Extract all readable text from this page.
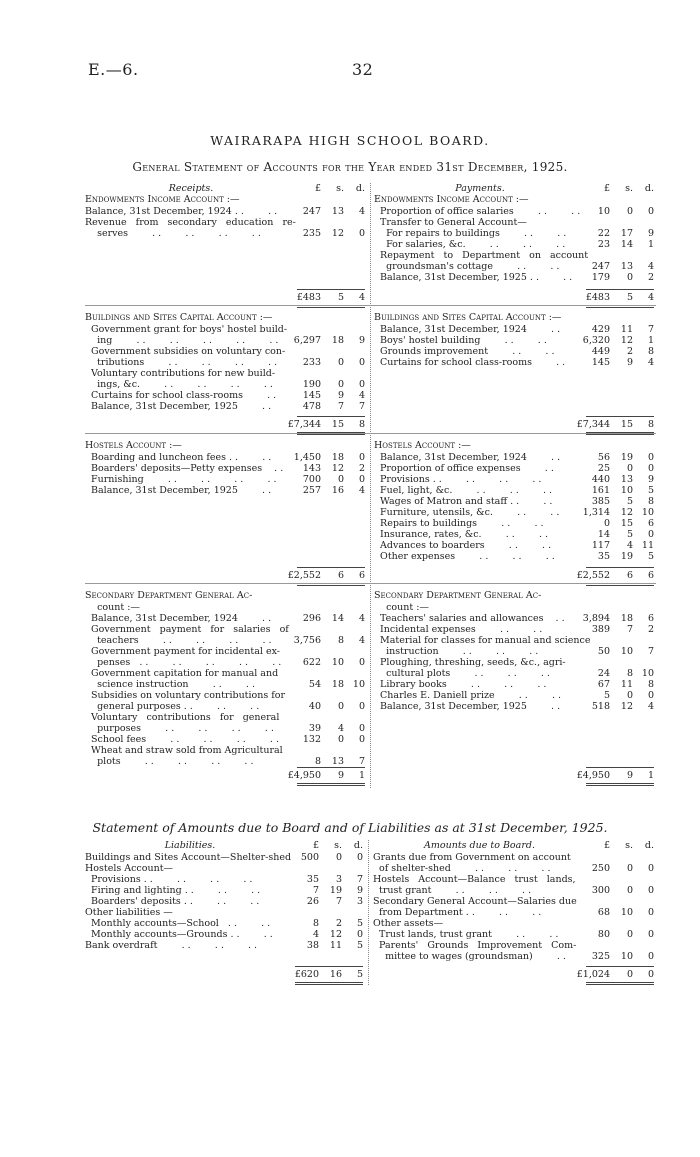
E.—6.	32
WAIRARAPA HIGH SCHOOL BOARD.
General Statement of Accounts for the Year ended 31st December, 1925.
Receipts.	£	s.	d.
Endowments Income Account :—
Balance, 31st December, 1924 . .        . .	247	13	4
Revenue   from   secondary   education   re-
serves        . .        . .        . .        . .	235	12	0
£483	5	4
Buildings and Sites Capital Account :—
Government grant for boys' hostel build-
ing        . .        . .        . .        . .        . . 6,297	18	9
Government subsidies on voluntary con-
tributions        . .        . .        . .        . .	233	0	0
Voluntary contributions for new build-
ings, &c.        . .        . .        . .        . .	190	0	0
Curtains for school class-rooms        . .	145	9	4
Balance, 31st December, 1925        . .	478	7	7
£7,344	15	8
Hostels Account :—
Boarding and luncheon fees . .        . . 1,450	18	0
Boarders' deposits—Petty expenses    . . 143	12	2
Furnishing        . .        . .        . .        . .	700	0	0
Balance, 31st December, 1925        . .	257	16	4
£2,552	6	6
Secondary Department General Ac-
count :—
Balance, 31st December, 1924        . .	296	14	4
Government   payment   for   salaries   of
teachers        . .        . .        . .        . . 3,756	8	4
Government payment for incidental ex-
penses   . .        . .        . .        . .        . . 622	10	0
Government capitation for manual and
science instruction        . .        . .	54	18 10
Subsidies on voluntary contributions for
general purposes . .        . .        . .	40	0	0
Voluntary   contributions   for   general
purposes        . .        . .        . .        . .	39	4	0
School fees        . .        . .        . .        . .	132	0	0
Wheat and straw sold from Agricultural
plots        . .        . .        . .        . .	8	13	7
£4,950	9	1
Payments.	£	s.	d.
Endowments Income Account :—
Proportion of office salaries        . .        . . 10	0	0
Transfer to General Account—
For repairs to buildings        . .        . .	22	17	9
For salaries, &c.        . .        . .        . .	23	14	1
Repayment   to   Department   on   account
groundsman's cottage        . .        . .	247	13	4
Balance, 31st December, 1925 . .        . . 179	0	2
£483	5	4
Buildings and Sites Capital Account :—
Balance, 31st December, 1924        . .	429	11	7
Boys' hostel building        . .        . .	6,320	12	1
Grounds improvement        . .        . .	449	2	8
Curtains for school class-rooms        . .	145	9	4
£7,344	15	8
Hostels Account :—
Balance, 31st December, 1924        . .	56	19	0
Proportion of office expenses        . .	25	0	0
Provisions . .        . .        . .        . .	440	13	9
Fuel, light, &c.        . .        . .        . .	161	10	5
Wages of Matron and staff . .        . .	385	5	8
Furniture, utensils, &c.        . .        . . 1,314	12 10
Repairs to buildings        . .        . .	0	15	6
Insurance, rates, &c.        . .        . .	14	5	0
Advances to boarders        . .        . .	117	4 11
Other expenses        . .        . .        . .	35	19	5
£2,552	6	6
Secondary Department General Ac-
count :—
Teachers' salaries and allowances    . . 3,894	18	6
Incidental expenses        . .        . .	389	7	2
Material for classes for manual and science
instruction        . .        . .        . .	50	10	7
Ploughing, threshing, seeds, &c., agri-
cultural plots        . .        . .        . .	24	8 10
Library books        . .        . .        . .	67	11	8
Charles E. Daniell prize        . .        . .	5	0	0
Balance, 31st December, 1925        . .	518	12	4
£4,950	9	1
Statement of Amounts due to Board and of Liabilities as at 31st December, 1925.
Liabilities.	£	s.	d.	Amounts due to Board.	£	s.	d.
Buildings and Sites Account—Shelter-shed 500	0	0
Hostels Account—
Provisions . .        . .        . .        . .	35	3	7
Firing and lighting . .        . .        . .	7	19	9
Boarders' deposits . .        . .        . .	26	7	3
Other liabilities —
Monthly accounts—School   . .        . .	8	2	5
Monthly accounts—Grounds . .        . .	4	12	0
Bank overdraft        . .        . .        . .	38	11	5
Grants due from Government on account
of shelter-shed        . .        . .        . .	250	0	0
Hostels   Account—Balance   trust   lands,
trust grant        . .        . .        . .	300	0	0
Secondary General Account—Salaries due
from Department . .        . .        . .	68	10	0
Other assets—
Trust lands, trust grant        . .        . .	80	0	0
Parents'   Grounds   Improvement   Com-
mittee to wages (groundsman)        . .	325	10	0
£620	16	5	£1,024	0	0
